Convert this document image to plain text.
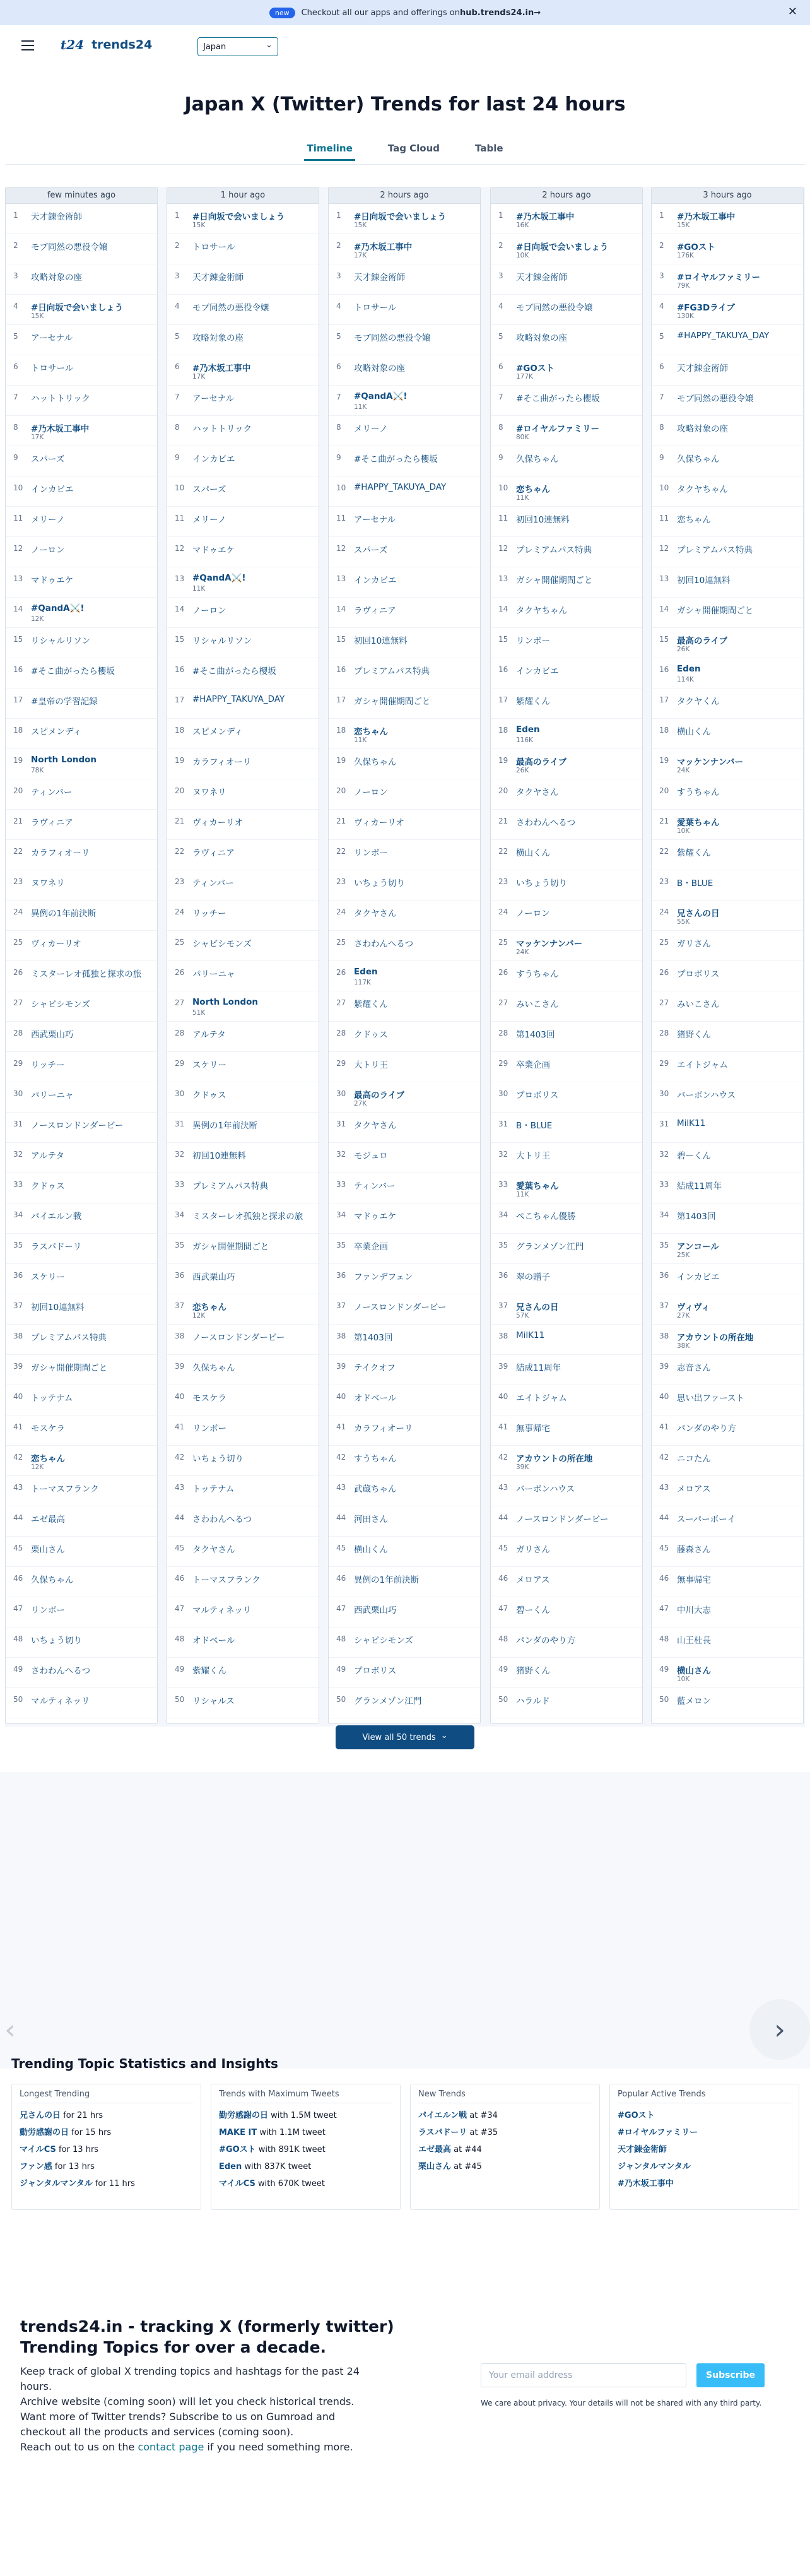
new	Checkout all our apps and offerings on hub.trends24.in→	✕
t24 trends24	Japan	⌄
Japan X (Twitter) Trends for last 24 hours
Timeline	Tag Cloud	Table
few minutes ago
1 天才錬金術師
2 モブ同然の悪役令嬢
3 攻略対象の座
4 #日向坂で会いましょう
15K
5 アーセナル
6 トロサール
7 ハットトリック
8 #乃木坂工事中
17K
9 スパーズ
10 インカビエ
11 メリーノ
12 ノーロン
13 マドゥエケ
14 #QandA⚔️!
12K
15 リシャルリソン
16 #そこ曲がったら櫻坂
17 #皇帝の学習記録
18 スピメンディ
19 North London
78K
20 ティンバー
21 ラヴィニア
22 カラフィオーリ
23 ヌワネリ
24 異例の1年前決断
25 ヴィカーリオ
26 ミスターレオ孤独と探求の旅
27 シャビシモンズ
28 西武栗山巧
29 リッチー
30 パリーニャ
31 ノースロンドンダービー
32 アルテタ
33 クドゥス
34 パイエルン戦
35 ラスパドーリ
36 スケリー
37 初回10連無料
38 プレミアムパス特典
39 ガシャ開催期間ごと
40 トッテナム
41 モスケラ
42 恋ちゃん
12K
43 トーマスフランク
44 エゼ最高
45 栗山さん
46 久保ちゃん
47 リンボー
48 いちょう切り
49 さわわんへるつ
50 マルティネッリ
1 hour ago
1 #日向坂で会いましょう
15K
2 トロサール
3 天才錬金術師
4 モブ同然の悪役令嬢
5 攻略対象の座
6 #乃木坂工事中
17K
7 アーセナル
8 ハットトリック
9 インカビエ
10 スパーズ
11 メリーノ
12 マドゥエケ
13 #QandA⚔️!
11K
14 ノーロン
15 リシャルリソン
16 #そこ曲がったら櫻坂
17 #HAPPY_TAKUYA_DAY
18 スピメンディ
19 カラフィオーリ
20 ヌワネリ
21 ヴィカーリオ
22 ラヴィニア
23 ティンバー
24 リッチー
25 シャビシモンズ
26 パリーニャ
27 North London
51K
28 アルテタ
29 スケリー
30 クドゥス
31 異例の1年前決断
32 初回10連無料
33 プレミアムパス特典
34 ミスターレオ孤独と探求の旅
35 ガシャ開催期間ごと
36 西武栗山巧
37 恋ちゃん
12K
38 ノースロンドンダービー
39 久保ちゃん
40 モスケラ
41 リンボー
42 いちょう切り
43 トッテナム
44 さわわんへるつ
45 タクヤさん
46 トーマスフランク
47 マルティネッリ
48 オドベール
49 紫耀くん
50 リシャルス
2 hours ago
1 #日向坂で会いましょう
15K
2 #乃木坂工事中
17K
3 天才錬金術師
4 トロサール
5 モブ同然の悪役令嬢
6 攻略対象の座
7 #QandA⚔️!
11K
8 メリーノ
9 #そこ曲がったら櫻坂
10 #HAPPY_TAKUYA_DAY
11 アーセナル
12 スパーズ
13 インカビエ
14 ラヴィニア
15 初回10連無料
16 プレミアムパス特典
17 ガシャ開催期間ごと
18 恋ちゃん
11K
19 久保ちゃん
20 ノーロン
21 ヴィカーリオ
22 リンボー
23 いちょう切り
24 タクヤさん
25 さわわんへるつ
26 Eden
117K
27 紫耀くん
28 クドゥス
29 大トリ王
30 最高のライブ
27K
31 タクヤさん
32 モジュロ
33 ティンバー
34 マドゥエケ
35 卒業企画
36 ファンデフェン
37 ノースロンドンダービー
38 第1403回
39 テイクオフ
40 オドベール
41 カラフィオーリ
42 すうちゃん
43 武蔵ちゃん
44 河田さん
45 横山くん
46 異例の1年前決断
47 西武栗山巧
48 シャビシモンズ
49 プロボリス
50 グランメゾン江門
2 hours ago
1 #乃木坂工事中
16K
2 #日向坂で会いましょう
10K
3 天才錬金術師
4 モブ同然の悪役令嬢
5 攻略対象の座
6 #GOスト
177K
7 #そこ曲がったら櫻坂
8 #ロイヤルファミリー
80K
9 久保ちゃん
10 恋ちゃん
11K
11 初回10連無料
12 プレミアムパス特典
13 ガシャ開催期間ごと
14 タクヤちゃん
15 リンボー
16 インカビエ
17 紫耀くん
18 Eden
116K
19 最高のライブ
26K
20 タクヤさん
21 さわわんへるつ
22 横山くん
23 いちょう切り
24 ノーロン
25 マッケンナンバー
24K
26 すうちゃん
27 みいこさん
28 第1403回
29 卒業企画
30 プロボリス
31 B・BLUE
32 大トリ王
33 愛葉ちゃん
11K
34 ぺこちゃん優勝
35 グランメゾン江門
36 翠の贈子
37 兄さんの日
57K
38 MilK11
39 結成11周年
40 エイトジャム
41 無事帰宅
42 アカウントの所在地
39K
43 バーボンハウス
44 ノースロンドンダービー
45 ガリさん
46 メロアス
47 碧ーくん
48 パンダのやり方
49 猪野くん
50 ハラルド
3 hours ago
1 #乃木坂工事中
15K
2 #GOスト
176K
3 #ロイヤルファミリー
79K
4 #FG3Dライブ
130K
5 #HAPPY_TAKUYA_DAY
6 天才錬金術師
7 モブ同然の悪役令嬢
8 攻略対象の座
9 久保ちゃん
10 タクヤちゃん
11 恋ちゃん
12 プレミアムパス特典
13 初回10連無料
14 ガシャ開催期間ごと
15 最高のライブ
26K
16 Eden
114K
17 タクヤくん
18 横山くん
19 マッケンナンバー
24K
20 すうちゃん
21 愛葉ちゃん
10K
22 紫耀くん
23 B・BLUE
24 兄さんの日
55K
25 ガリさん
26 プロボリス
27 みいこさん
28 猪野くん
29 エイトジャム
30 バーボンハウス
31 MilK11
32 碧ーくん
33 結成11周年
34 第1403回
35 アンコール
25K
36 インカビエ
37 ヴィヴィ
27K
38 アカウントの所在地
38K
39 志音さん
40 思い出ファースト
41 パンダのやり方
42 ニコたん
43 メロアス
44 スーパーボーイ
45 藤森さん
46 無事帰宅
47 中川大志
48 山王杜長
49 横山さん
10K
50 藍メロン
View all 50 trends ⌄
‹	›
Trending Topic Statistics and Insights
Longest Trending
兄さんの日 for 21 hrs
動労感謝の日 for 15 hrs
マイルCS for 13 hrs
ファン感 for 13 hrs
ジャンタルマンタル for 11 hrs
Trends with Maximum Tweets
勤労感謝の日 with 1.5M tweet
MAKE IT with 1.1M tweet
#GOスト with 891K tweet
Eden with 837K tweet
マイルCS with 670K tweet
New Trends
パイエルン戦 at #34
ラスパドーリ at #35
エゼ最高 at #44
栗山さん at #45
Popular Active Trends
#GOスト
#ロイヤルファミリー
天才錬金術師
ジャンタルマンタル
#乃木坂工事中
trends24.in - tracking X (formerly twitter) Trending Topics for over a decade.
Keep track of global X trending topics and hashtags for the past 24 hours.
Archive website (coming soon) will let you check historical trends.
Want more of Twitter trends? Subscribe to us on Gumroad and checkout all the products and services (coming soon).
Reach out to us on the contact page if you need something more.
Your email address	Subscribe
We care about privacy. Your details will not be shared with any third party.
